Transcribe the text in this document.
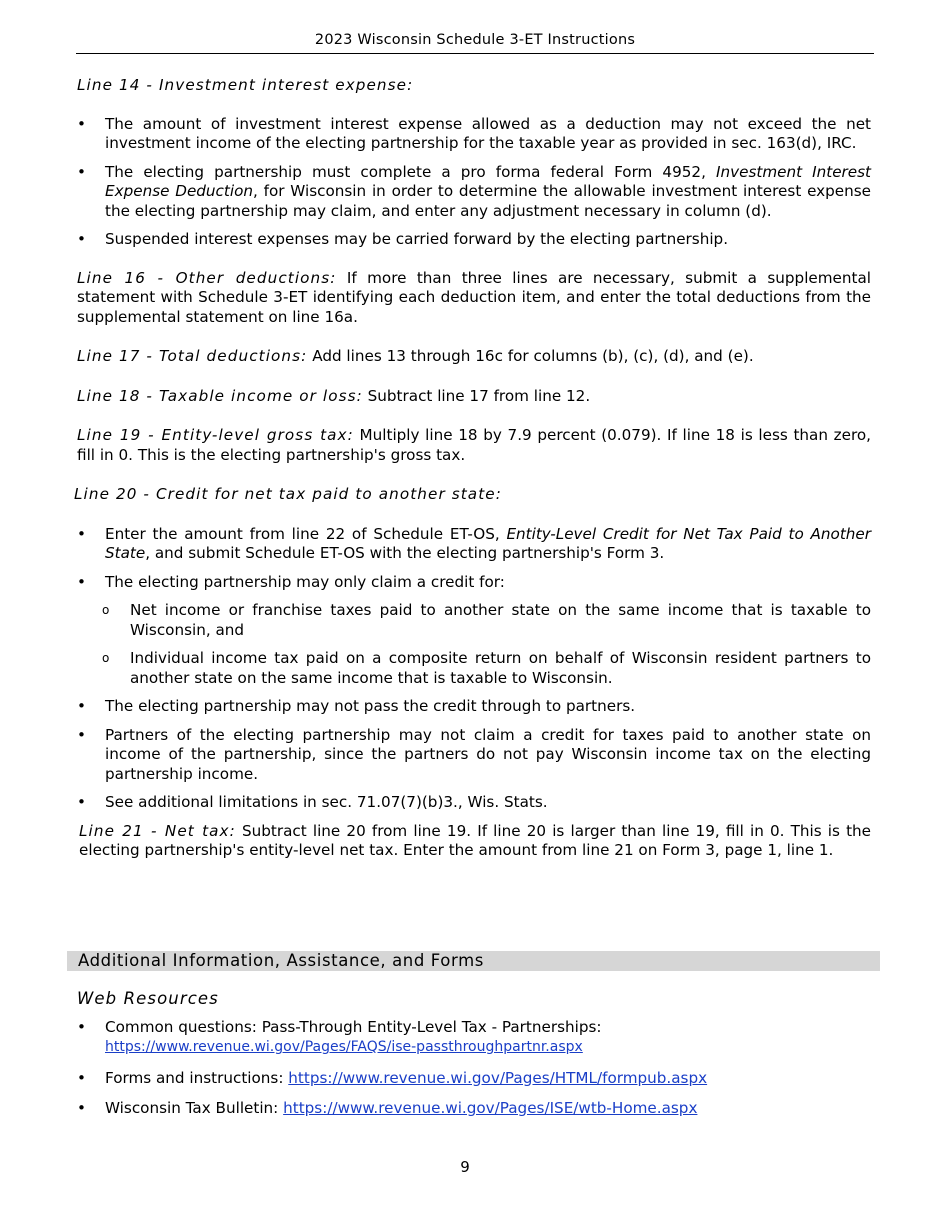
2023 Wisconsin Schedule 3-ET Instructions

Line 14 - Investment interest expense:

• The amount of investment interest expense allowed as a deduction may not exceed the net investment income of the electing partnership for the taxable year as provided in sec. 163(d), IRC.
• The electing partnership must complete a pro forma federal Form 4952, Investment Interest Expense Deduction, for Wisconsin in order to determine the allowable investment interest expense the electing partnership may claim, and enter any adjustment necessary in column (d).
• Suspended interest expenses may be carried forward by the electing partnership.

Line 16 - Other deductions: If more than three lines are necessary, submit a supplemental statement with Schedule 3-ET identifying each deduction item, and enter the total deductions from the supplemental statement on line 16a.

Line 17 - Total deductions: Add lines 13 through 16c for columns (b), (c), (d), and (e).

Line 18 - Taxable income or loss: Subtract line 17 from line 12.

Line 19 - Entity-level gross tax: Multiply line 18 by 7.9 percent (0.079). If line 18 is less than zero, fill in 0. This is the electing partnership's gross tax.

Line 20 - Credit for net tax paid to another state:

• Enter the amount from line 22 of Schedule ET-OS, Entity-Level Credit for Net Tax Paid to Another State, and submit Schedule ET-OS with the electing partnership's Form 3.
• The electing partnership may only claim a credit for:
o Net income or franchise taxes paid to another state on the same income that is taxable to Wisconsin, and
o Individual income tax paid on a composite return on behalf of Wisconsin resident partners to another state on the same income that is taxable to Wisconsin.
• The electing partnership may not pass the credit through to partners.
• Partners of the electing partnership may not claim a credit for taxes paid to another state on income of the partnership, since the partners do not pay Wisconsin income tax on the electing partnership income.
• See additional limitations in sec. 71.07(7)(b)3., Wis. Stats.

Line 21 - Net tax: Subtract line 20 from line 19. If line 20 is larger than line 19, fill in 0. This is the electing partnership's entity-level net tax. Enter the amount from line 21 on Form 3, page 1, line 1.

Additional Information, Assistance, and Forms

Web Resources

• Common questions: Pass-Through Entity-Level Tax - Partnerships:
https://www.revenue.wi.gov/Pages/FAQS/ise-passthroughpartnr.aspx
• Forms and instructions: https://www.revenue.wi.gov/Pages/HTML/formpub.aspx
• Wisconsin Tax Bulletin: https://www.revenue.wi.gov/Pages/ISE/wtb-Home.aspx
9
